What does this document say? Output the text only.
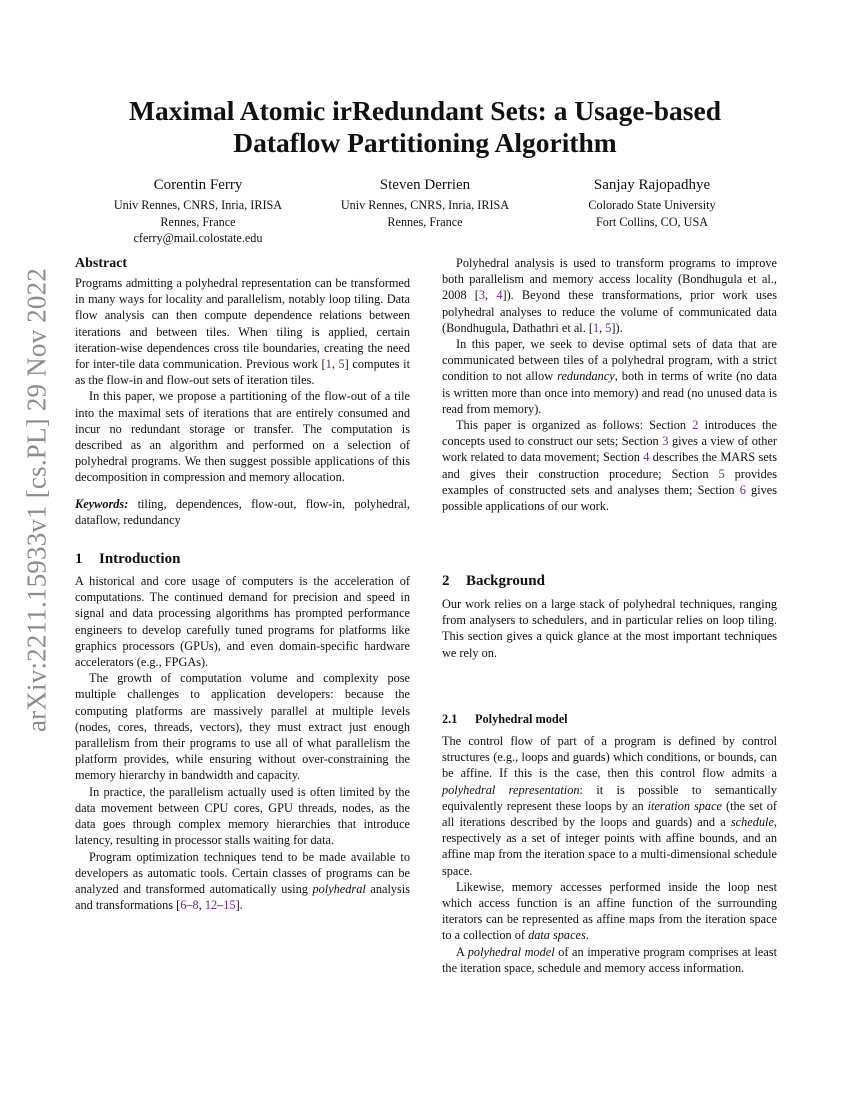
arXiv:2211.15933v1 [cs.PL] 29 Nov 2022
Maximal Atomic irRedundant Sets: a Usage-based
Dataflow Partitioning Algorithm
Corentin Ferry
Univ Rennes, CNRS, Inria, IRISA
Rennes, France
cferry@mail.colostate.edu
Steven Derrien
Univ Rennes, CNRS, Inria, IRISA
Rennes, France
Sanjay Rajopadhye
Colorado State University
Fort Collins, CO, USA
Abstract

Programs admitting a polyhedral representation can be transformed in many ways for locality and parallelism, notably loop tiling. Data flow analysis can then compute dependence relations between iterations and between tiles. When tiling is applied, certain iteration-wise dependences cross tile boundaries, creating the need for inter-tile data communication. Previous work [1, 5] computes it as the flow-in and flow-out sets of iteration tiles.

In this paper, we propose a partitioning of the flow-out of a tile into the maximal sets of iterations that are entirely consumed and incur no redundant storage or transfer. The computation is described as an algorithm and performed on a selection of polyhedral programs. We then suggest possible applications of this decomposition in compression and memory allocation.

Keywords: tiling, dependences, flow-out, flow-in, polyhedral, dataflow, redundancy

1 Introduction

A historical and core usage of computers is the acceleration of computations. The continued demand for precision and speed in signal and data processing algorithms has prompted performance engineers to develop carefully tuned programs for platforms like graphics processors (GPUs), and even domain-specific hardware accelerators (e.g., FPGAs).

The growth of computation volume and complexity pose multiple challenges to application developers: because the computing platforms are massively parallel at multiple levels (nodes, cores, threads, vectors), they must extract just enough parallelism from their programs to use all of what parallelism the platform provides, while ensuring without over-constraining the memory hierarchy in bandwidth and capacity.

In practice, the parallelism actually used is often limited by the data movement between CPU cores, GPU threads, nodes, as the data goes through complex memory hierarchies that introduce latency, resulting in processor stalls waiting for data.

Program optimization techniques tend to be made available to developers as automatic tools. Certain classes of programs can be analyzed and transformed automatically using polyhedral analysis and transformations [6–8, 12–15].

Polyhedral analysis is used to transform programs to improve both parallelism and memory access locality (Bondhugula et al., 2008 [3, 4]). Beyond these transformations, prior work uses polyhedral analyses to reduce the volume of communicated data (Bondhugula, Dathathri et al. [1, 5]).

In this paper, we seek to devise optimal sets of data that are communicated between tiles of a polyhedral program, with a strict condition to not allow redundancy, both in terms of write (no data is written more than once into memory) and read (no unused data is read from memory).

This paper is organized as follows: Section 2 introduces the concepts used to construct our sets; Section 3 gives a view of other work related to data movement; Section 4 describes the MARS sets and gives their construction procedure; Section 5 provides examples of constructed sets and analyses them; Section 6 gives possible applications of our work.

2 Background

Our work relies on a large stack of polyhedral techniques, ranging from analysers to schedulers, and in particular relies on loop tiling. This section gives a quick glance at the most important techniques we rely on.

2.1 Polyhedral model

The control flow of part of a program is defined by control structures (e.g., loops and guards) which conditions, or bounds, can be affine. If this is the case, then this control flow admits a polyhedral representation: it is possible to semantically equivalently represent these loops by an iteration space (the set of all iterations described by the loops and guards) and a schedule, respectively as a set of integer points with affine bounds, and an affine map from the iteration space to a multi-dimensional schedule space.

Likewise, memory accesses performed inside the loop nest which access function is an affine function of the surrounding iterators can be represented as affine maps from the iteration space to a collection of data spaces.

A polyhedral model of an imperative program comprises at least the iteration space, schedule and memory access information.
